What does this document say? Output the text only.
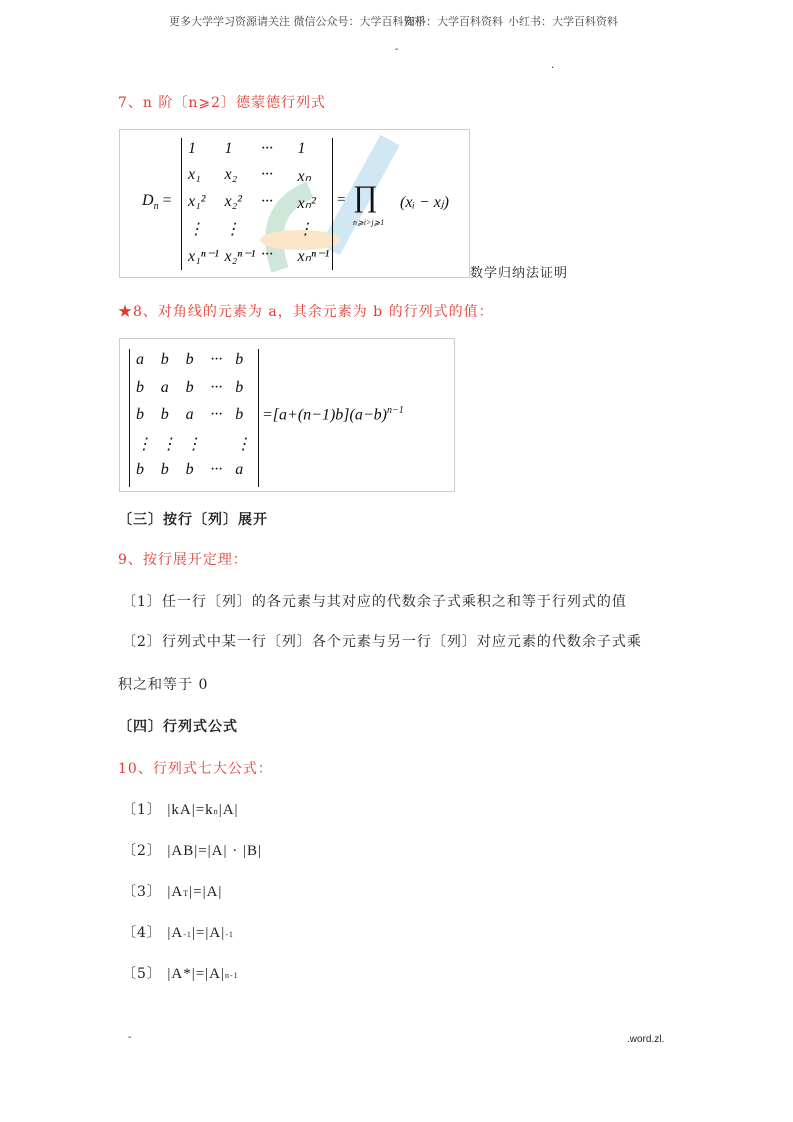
更多大学学习资源请关注 微信公众号：大学百科资料
知乎：大学百科资料 小红书：大学百科资料
-
.
7、n 阶〔n⩾2〕德蒙德行列式
$D_n$ =
1 1 ··· 1
x₁ x₂ ··· xₙ
x₁² x₂² ··· xₙ²
⋮ ⋮	⋮
x₁ⁿ⁻¹ x₂ⁿ⁻¹ ··· xₙⁿ⁻¹
= ∏
n⩾i>j⩾1
(xᵢ − xⱼ)
数学归纳法证明
★8、对角线的元素为 a，其余元素为 b 的行列式的值：
a b b ··· b
b a b ··· b
b b a ··· b
⋮ ⋮ ⋮ ⋮
b b b ··· a
$=[a+(n-1)b](a-b)^{n-1}$
〔三〕按行〔列〕展开
9、按行展开定理：
〔1〕任一行〔列〕的各元素与其对应的代数余子式乘积之和等于行列式的值
〔2〕行列式中某一行〔列〕各个元素与另一行〔列〕对应元素的代数余子式乘
积之和等于 0
〔四〕行列式公式
10、行列式七大公式：
〔1〕 |kA|=kn|A|
〔2〕 |AB|=|A| · |B|
〔3〕 |AT|=|A|
〔4〕 |A-1|=|A|-1
〔5〕 |A*|=|A|n-1
-	.word.zl.
